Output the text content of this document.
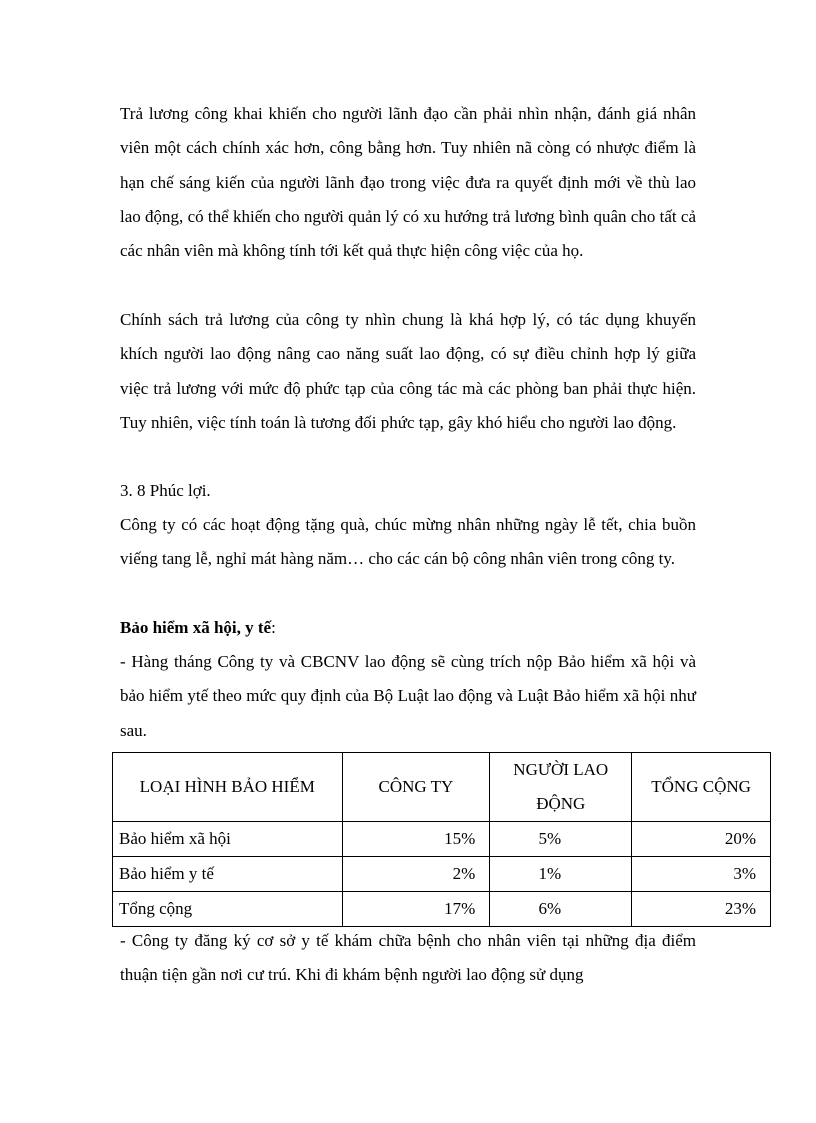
Trả lương công khai khiến cho người lãnh đạo cần phải nhìn nhận, đánh giá nhân viên một cách chính xác hơn, công bằng hơn. Tuy nhiên nã còng có nhược điểm là hạn chế sáng kiến của người lãnh đạo trong việc đưa ra quyết định mới về thù lao lao động, có thể khiến cho người quản lý có xu hướng trả lương bình quân cho tất cả các nhân viên mà không tính tới kết quả thực hiện công việc của họ.
Chính sách trả lương của công ty nhìn chung là khá hợp lý, có tác dụng khuyến khích người lao động nâng cao năng suất lao động, có sự điều chỉnh hợp lý giữa việc trả lương với mức độ phức tạp của công tác mà các phòng ban phải thực hiện. Tuy nhiên, việc tính toán là tương đối phức tạp, gây khó hiểu cho người lao động.
3. 8 Phúc lợi.
Công ty có các hoạt động tặng quà, chúc mừng nhân những ngày lễ tết, chia buồn viếng tang lễ, nghỉ mát hàng năm… cho các cán bộ công nhân viên trong công ty.
Bảo hiểm xã hội, y tế:
- Hàng tháng Công ty và CBCNV lao động sẽ cùng trích nộp Bảo hiểm xã hội và bảo hiểm ytế theo mức quy định của Bộ Luật lao động và Luật Bảo hiểm xã hội như sau.
LOẠI HÌNH BẢO HIỂM	CÔNG TY	NGƯỜI LAO ĐỘNG	TỔNG CỘNG
Bảo hiểm xã hội	15%	5%	20%
Bảo hiểm y tế	2%	1%	3%
Tổng cộng	17%	6%	23%
- Công ty đăng ký cơ sở y tế khám chữa bệnh cho nhân viên tại những địa điểm thuận tiện gần nơi cư trú. Khi đi khám bệnh người lao động sử dụng
